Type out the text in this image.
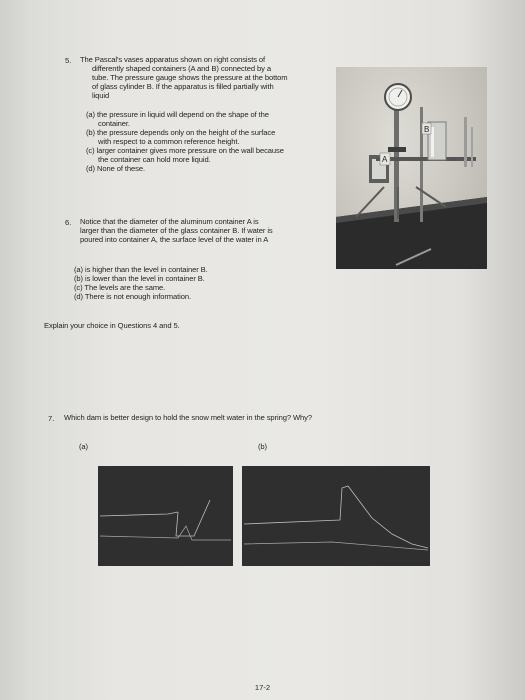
5. The Pascal's vases apparatus shown on right consists of

differently shaped containers (A and B) connected by a

tube. The pressure gauge shows the pressure at the bottom

of glass cylinder B. If the apparatus is filled partially with

liquid

(a) the pressure in liquid will depend on the shape of the

container.

(b) the pressure depends only on the height of the surface

with respect to a common reference height.

(c) larger container gives more pressure on the wall because

the container can hold more liquid.

(d) None of these.

A
B
6. Notice that the diameter of the aluminum container A is

larger than the diameter of the glass container B. If water is

poured into container A, the surface level of the water in A

(a) is higher than the level in container B.

(b) is lower than the level in container B.

(c) The levels are the same.

(d) There is not enough information.

Explain your choice in Questions 4 and 5.

7. Which dam is better design to hold the snow melt water in the spring? Why?

(a)	(b)

17-2
